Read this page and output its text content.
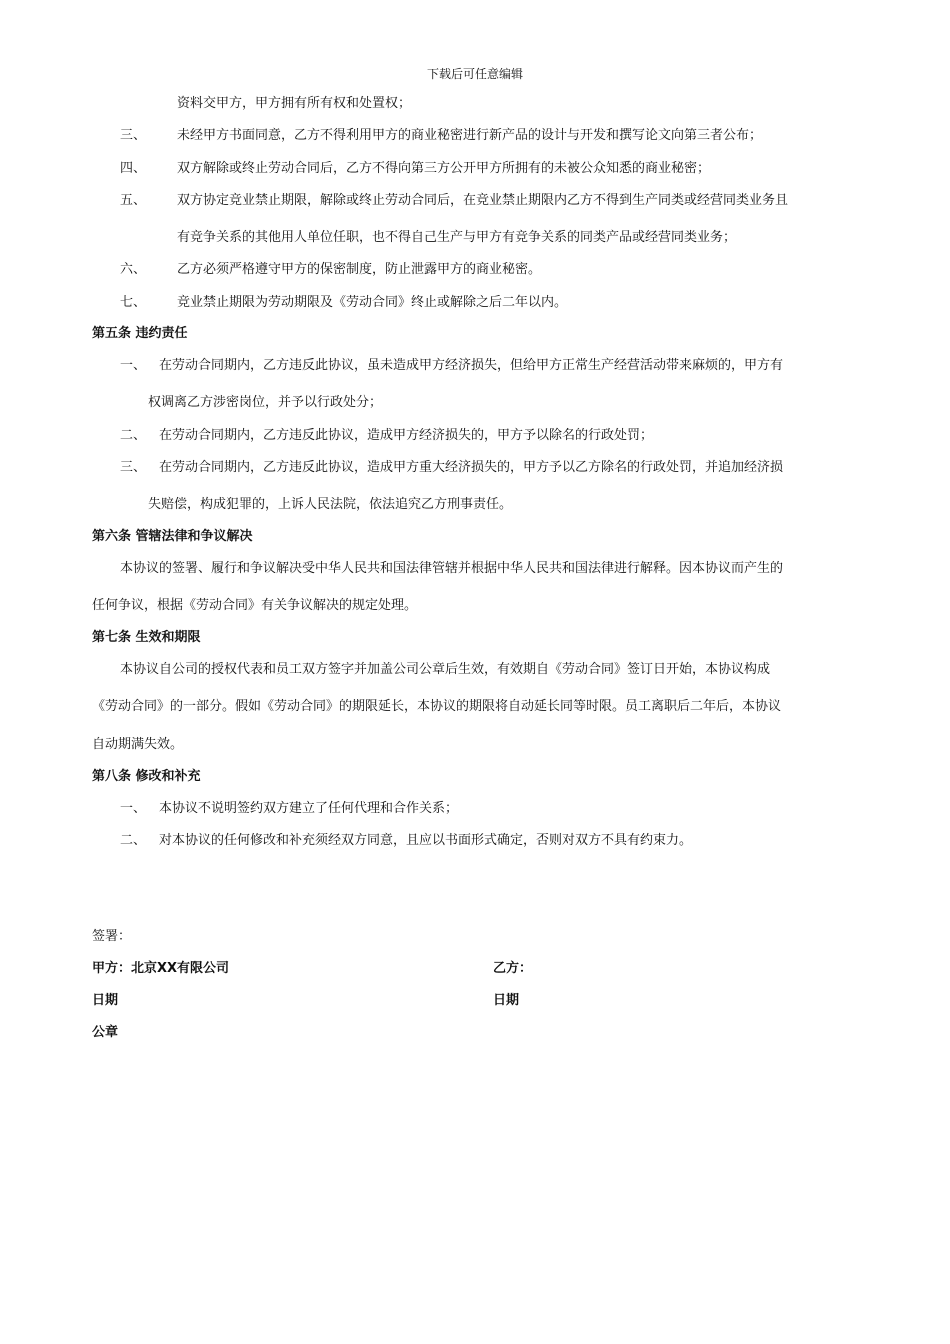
下载后可任意编辑
资料交甲方，甲方拥有所有权和处置权；
三、 未经甲方书面同意，乙方不得利用甲方的商业秘密进行新产品的设计与开发和撰写论文向第三者公布；
四、 双方解除或终止劳动合同后，乙方不得向第三方公开甲方所拥有的未被公众知悉的商业秘密；
五、 双方协定竞业禁止期限，解除或终止劳动合同后，在竞业禁止期限内乙方不得到生产同类或经营同类业务且
有竞争关系的其他用人单位任职，也不得自己生产与甲方有竞争关系的同类产品或经营同类业务；
六、 乙方必须严格遵守甲方的保密制度，防止泄露甲方的商业秘密。
七、 竞业禁止期限为劳动期限及《劳动合同》终止或解除之后二年以内。
第五条 违约责任
一、 在劳动合同期内，乙方违反此协议，虽未造成甲方经济损失，但给甲方正常生产经营活动带来麻烦的，甲方有
权调离乙方涉密岗位，并予以行政处分；
二、 在劳动合同期内，乙方违反此协议，造成甲方经济损失的，甲方予以除名的行政处罚；
三、 在劳动合同期内，乙方违反此协议，造成甲方重大经济损失的，甲方予以乙方除名的行政处罚，并追加经济损
失赔偿，构成犯罪的，上诉人民法院，依法追究乙方刑事责任。
第六条 管辖法律和争议解决
本协议的签署、履行和争议解决受中华人民共和国法律管辖并根据中华人民共和国法律进行解释。因本协议而产生的
任何争议，根据《劳动合同》有关争议解决的规定处理。
第七条 生效和期限
本协议自公司的授权代表和员工双方签字并加盖公司公章后生效，有效期自《劳动合同》签订日开始，本协议构成
《劳动合同》的一部分。假如《劳动合同》的期限延长，本协议的期限将自动延长同等时限。员工离职后二年后，本协议
自动期满失效。
第八条 修改和补充
一、 本协议不说明签约双方建立了任何代理和合作关系；
二、 对本协议的任何修改和补充须经双方同意，且应以书面形式确定，否则对双方不具有约束力。
签署：
甲方：北京XX有限公司	乙方：
日期	日期
公章
